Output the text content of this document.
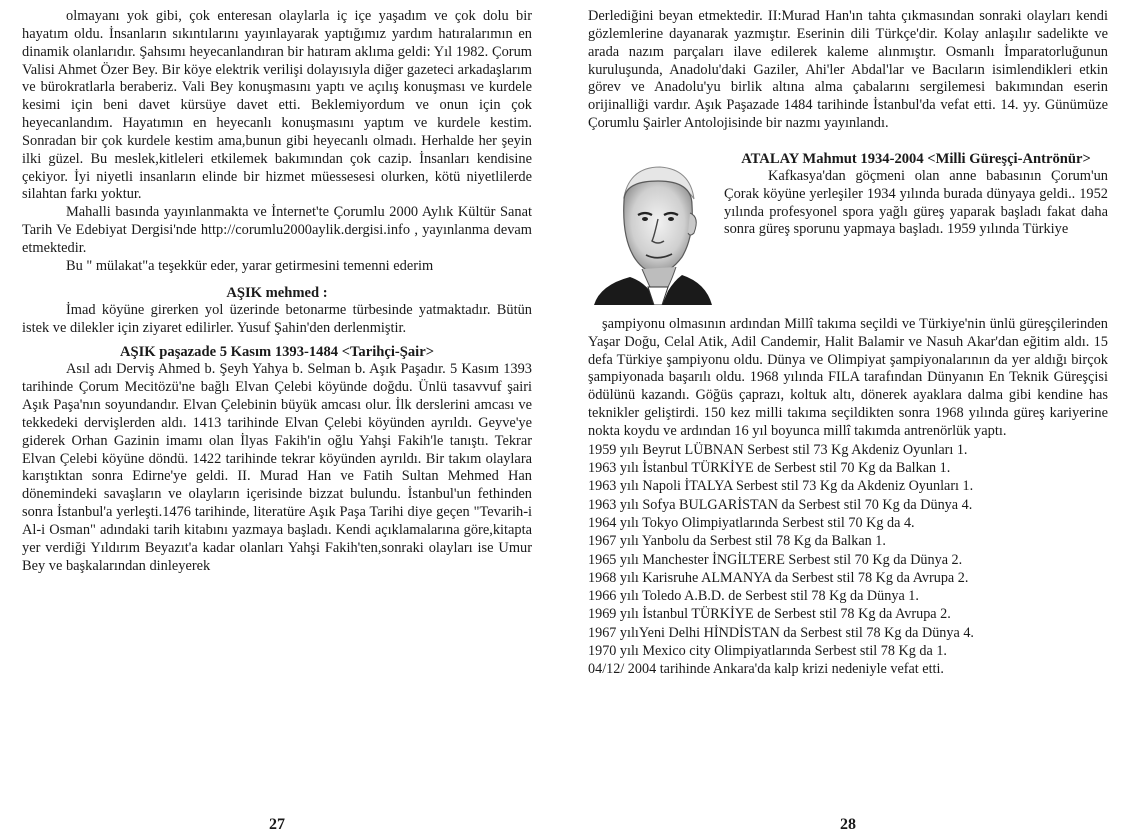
olmayanı yok gibi, çok enteresan olaylarla iç içe yaşadım ve çok dolu bir hayatım oldu. İnsanların sıkıntılarını yayınlayarak yaptığımız yardım hatıralarımın en dinamik olanlarıdır. Şahsımı heyecanlandıran bir hatıram aklıma geldi: Yıl 1982. Çorum Valisi Ahmet Özer Bey. Bir köye elektrik verilişi dolayısıyla diğer gazeteci arkadaşlarım ve bürokratlarla beraberiz. Vali Bey konuşmasını yaptı ve açılış konuşması ve kurdele kesimi için beni davet kürsüye davet etti. Beklemiyordum ve onun için çok heyecanlandım. Hayatımın en heyecanlı konuşmasını yaptım ve kurdele kestim. Sonradan bir çok kurdele kestim ama,bunun gibi heyecanlı olmadı. Herhalde her şeyin ilki güzel. Bu meslek,kitleleri etkilemek bakımından çok cazip. İnsanları kendisine çekiyor. İyi niyetli insanların elinde bir hizmet müessesesi olurken, kötü niyetlilerde silahtan farkı yoktur.

Mahalli basında yayınlanmakta ve İnternet'te Çorumlu 2000 Aylık Kültür Sanat Tarih Ve Edebiyat Dergisi'nde http://corumlu2000aylik.dergisi.info , yayınlanma devam etmektedir.

Bu " mülakat"a teşekkür eder, yarar getirmesini temenni ederim

AŞIK mehmed :

İmad köyüne girerken yol üzerinde betonarme türbesinde yatmaktadır. Bütün istek ve dilekler için ziyaret edilirler. Yusuf Şahin'den derlenmiştir.

AŞIK paşazade 5 Kasım 1393-1484 <Tarihçi-Şair>

Asıl adı Derviş Ahmed b. Şeyh Yahya b. Selman b. Aşık Paşadır. 5 Kasım 1393 tarihinde Çorum Mecitözü'ne bağlı Elvan Çelebi köyünde doğdu. Ünlü tasavvuf şairi Aşık Paşa'nın soyundandır. Elvan Çelebinin büyük amcası olur. İlk derslerini amcası ve tekkedeki dervişlerden aldı. 1413 tarihinde Elvan Çelebi köyünden ayrıldı. Geyve'ye giderek Orhan Gazinin imamı olan İlyas Fakih'in oğlu Yahşi Fakih'le tanıştı. Tekrar Elvan Çelebi köyüne döndü. 1422 tarihinde tekrar köyünden ayrıldı. Bir takım olaylara karıştıktan sonra Edirne'ye geldi. II. Murad Han ve Fatih Sultan Mehmed Han dönemindeki savaşların ve olayların içerisinde bizzat bulundu. İstanbul'un fethinden sonra İstanbul'a yerleşti.1476 tarihinde, literatüre Aşık Paşa Tarihi diye geçen "Tevarih-i Al-i Osman" adındaki tarih kitabını yazmaya başladı. Kendi açıklamalarına göre,kitapta yer verdiği Yıldırım Beyazıt'a kadar olanları Yahşi Fakih'ten,sonraki olayları ise Umur Bey ve başkalarından dinleyerek

27

Derlediğini beyan etmektedir. II:Murad Han'ın tahta çıkmasından sonraki olayları kendi gözlemlerine dayanarak yazmıştır. Eserinin dili Türkçe'dir. Kolay anlaşılır sadelikte ve arada nazım parçaları ilave edilerek kaleme alınmıştır. Osmanlı İmparatorluğunun kuruluşunda, Anadolu'daki Gaziler, Ahi'ler Abdal'lar ve Bacıların isimlendikleri etkin görev ve Anadolu'yu birlik altına alma çabalarını sergilemesi bakımından eserin orijinalliği vardır. Aşık Paşazade 1484 tarihinde İstanbul'da vefat etti. 14. yy. Günümüze Çorumlu Şairler Antolojisinde bir nazmı yayınlandı.

ATALAY Mahmut 1934-2004 <Milli Güreşçi-Antrönür>

Kafkasya'dan göçmeni olan anne babasının Çorum'un Çorak köyüne yerleşiler 1934 yılında burada dünyaya geldi.. 1952 yılında profesyonel spora yağlı güreş yaparak başladı fakat daha sonra güreş sporunu yapmaya başladı. 1959 yılında Türkiye

şampiyonu olmasının ardından Millî takıma seçildi ve Türkiye'nin ünlü güreşçilerinden Yaşar Doğu, Celal Atik, Adil Candemir, Halit Balamir ve Nasuh Akar'dan eğitim aldı. 15 defa Türkiye şampiyonu oldu. Dünya ve Olimpiyat şampiyonalarının da yer aldığı birçok şampiyonada başarılı oldu. 1968 yılında FILA tarafından Dünyanın En Teknik Güreşçisi ödülünü kazandı. Göğüs çaprazı, koltuk altı, dönerek ayaklara dalma gibi kendine has teknikler geliştirdi. 150 kez milli takıma seçildikten sonra 1968 yılında güreş kariyerine nokta koydu ve ardından 16 yıl boyunca millî takımda antrenörlük yaptı.

1959 yılı Beyrut LÜBNAN Serbest stil 73 Kg Akdeniz Oyunları 1.

1963 yılı İstanbul TÜRKİYE de Serbest stil 70 Kg da Balkan 1.

1963 yılı Napoli İTALYA Serbest stil 73 Kg da Akdeniz Oyunları 1.

1963 yılı Sofya BULGARİSTAN da Serbest stil 70 Kg da Dünya 4.

1964 yılı Tokyo Olimpiyatlarında Serbest stil 70 Kg da 4.

1967 yılı Yanbolu da Serbest stil 78 Kg da Balkan 1.

1965 yılı Manchester İNGİLTERE Serbest stil 70 Kg da Dünya 2.

1968 yılı Karisruhe ALMANYA da Serbest stil 78 Kg da Avrupa 2.

1966 yılı Toledo A.B.D. de Serbest stil 78 Kg da Dünya 1.

1969 yılı İstanbul TÜRKİYE de Serbest stil 78 Kg da Avrupa 2.

1967 yılıYeni Delhi HİNDİSTAN da Serbest stil 78 Kg da Dünya 4.

1970 yılı Mexico city Olimpiyatlarında Serbest stil 78 Kg da 1.

04/12/ 2004 tarihinde Ankara'da kalp krizi nedeniyle vefat etti.

28
